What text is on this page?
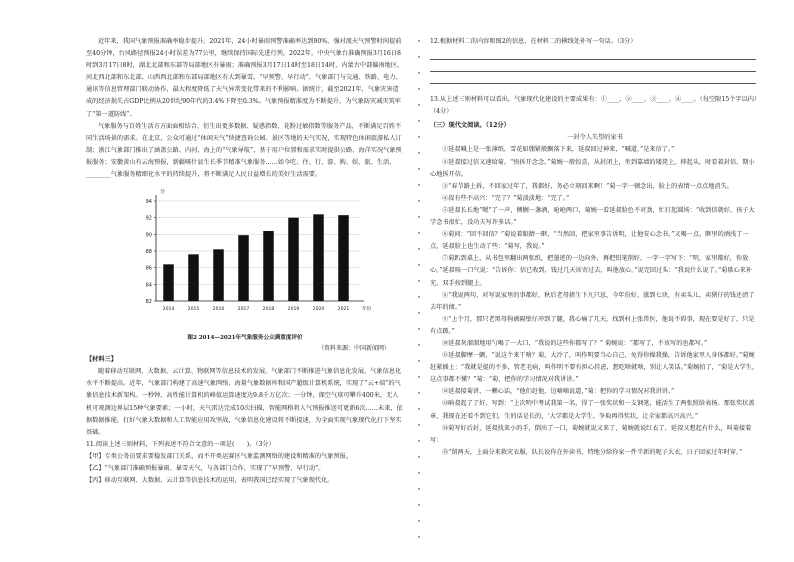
近年来，我国气象预报准确率稳步提升。2021年，24小时暴雨预警准确率达到90%，强对流天气预警时间提前至40分钟，台风路径预报24小时误差为77公里，继续保持国际先进行列。2022年，中央气象台准确预报3月16日8时到3月17日8时，湖北北部和东部等局部地区有暴雨；准确预报3月17日14时至18日14时，内蒙古中部偏南地区、河北西北部和东北部、山西西北部和东部局部地区有大到暴雪。“早预警、早行动”，气象部门与交通、铁路、电力、通讯等信息管理部门联动协作，最大程度降低了天气异常变化带来的不利影响。据统计，截至2021年，气象灾害造成的经济损失占GDP比例从20世纪90年代的3.4%下降至0.3%。气象预报精准度为不断提升，为气象防灾减灾筑牢了“第一道防线”。

气象服务与百姓生活方方面面相结合，衍生出更多数据、疑惑指数、花粉过敏指数等服务产品，不断满足百姓不同生活场景的需求。在北京，公众可通过“休闲天气”快捷查询公园、景区等地的天气实况，实现特色休闲旅游私人订制；浙江气象部门推出了涵盖公路、内河、海上的“气象导航”，基于用户位置和需求实时提供公路、海洋实况气象预报服务；安徽黄山有云海预报，新疆喀什县生长季节精准气象服务……如今吃、住、行、游、购、娱、旅、生活，________气象服务精细化水平的持续提升，将不断满足人民日益增长的美好生活需要。

82
84
86
88
90
92
94
分
2014	2015	2016	2017	2018	2019	2020	2021	年份
图2 2014—2021年气象服务公众满意度评价
（资料来源：中国新闻网）

【材料三】

随着移动互联网、大数据、云计算、物联网等信息技术的发展，气象部门不断推进气象信息化发展，气象信息化水平不断提高。近年，气象部门构建了高速气象网络、海量气象数据库和国产超级计算机系统，实现了“云+端”的气象信息技术新架构。一秒钟，高性能计算机的峰值运算速度达9.8千万亿次；一分钟，探空气球可攀升400米，无人机可观测边界层15种气象要素；一小时，天气雷达完成10次扫描，智能网格将人气预报推送可更新6次……未来，依据数据推能，打好气象大数据和人工智能应用攻坚战，气象信息化建设将不断提速，为全面实现气象现代化打下坚实基础。

11.阅读上述三则材料，下列表述不符合文意的一项是(　　)。（3分）

【甲】专类公务员要求要稳发部门关系，而不开类运赛区气象监测网络的建设和精准的气象预报。

【乙】“气象部门准确预报暴雨、暴雪天气，与各部门合作，实现了“早预警、早行动”。

【丙】移动互联网、大数据、云计算等信息技术的运用，表明我国已经实现了气象现代化。

12.根据材料二的内容和图2的信息，在材料二的横线处补写一句话。（3分）

13.从上述三则材料可以看出，气象现代化建设的主要成果有：①____、②____、③____、④____。（每空限15个字以内）（4分）

（三）现代文阅读。（12分）

一封令人失望的家书

①延叔喊上是一张薄纸，雪花如绷紧般飘落下来，延叔回过神来，“喊道，”是来信了。”

②延叔接过信又递给菊。“快拆开念念。”菊婉一般惊喜，从封闭上，坐到靠墙的矮凳上，抑起头，时看着封信、期小心地拆开信。

③“春节路上拆，不回家过年了，我都好，务必立刻回来啊！”菊一字一顿念出，脸上的表情一点点地消失。

④叔有些不高兴：“完了？”菊淡淡地：“完了。”

⑤延叔长长地“嗯”了一声，侧搁一盏酒，呛呛两口，菊婉一看延叔脸色不对劲，忙打起圆场：“收到信就好，孩子大学念书很忙，没功夫写许多话。”

⑥菊问：“回不回信？”菊说着眼睛一眶，“当然回，把家里事告诉明，让他安心念书。”又喝一点，眶里的酒浅了一点，延叔脸上也生动了些：“菊写，我说。”

⑦菊趴到桌上，从书包里翻出两张纸，把墨迹的一边向外，再把铅笔削好，一字一字写下：“明，家里都好，你放心。”延叔咳一口气说：“告诉你：信已收到，钱过几天该寄过去，叫他放心。”说完回过头：“我说什么说了。”菊歇心来补充，双手按到腿上。

⑧“我说两句，对写说家里的事都好，秋后老母猪生下九只崽，今年份好，涨到七块，有卖头儿，卖猪仔的钱还清了去年的债。”

⑨“上个月，那只老黑母狗被隔壁仔冲到了腿，我心痛了几天，找到村上张兽医，他说不碍事，现在要是好了，只是有点跛。”

⑩延叔灰溜溜地用勺喝了一大口，“我说的这些你都写了？” 菊婉说：“都写了，不该写的也都写。”

⑪延叔脚摩一颤，“说这个来干啥？菊，大冷了，叫作明要当心自己，免得你操我操，告诉他家里人身体都好。”菊婉赶紧插上：“我就是提的不多，管老毛病，叫作明不要有担心挂虑，想吃啥就啥，别让人笑话。”菊婉拍了，“菊是大学生，这点事都不懂？”菊：“菊，把你的学习情况对我讲讲。”

⑫延叔接菊讲，一颗心话，“他们赶他，边嘀嘀说道，”菊：把你的学习情况对我讲讲。”

⑬晌叔起了了好，写到：“上次明中考试我第一名，得了一张奖状和一支钢笔，能活生了两张照给表扬。那张奖状盖章，我现在还看不到它们，生的话是长的，‘大学都是大学生，争取再得奖状，让全家都高兴高兴。”

⑭菊写好后封，延叔找来小的手，倒出了一口，菊婉就说又来了，菊婉就说红衣了，延叔又想起有什么，叫菊接着写：

⑮“留两天，上面分来救灾衣服，队长说你在外读书，特地分给你家一件半新的呢子大衣，日子回家过年时穿。”
